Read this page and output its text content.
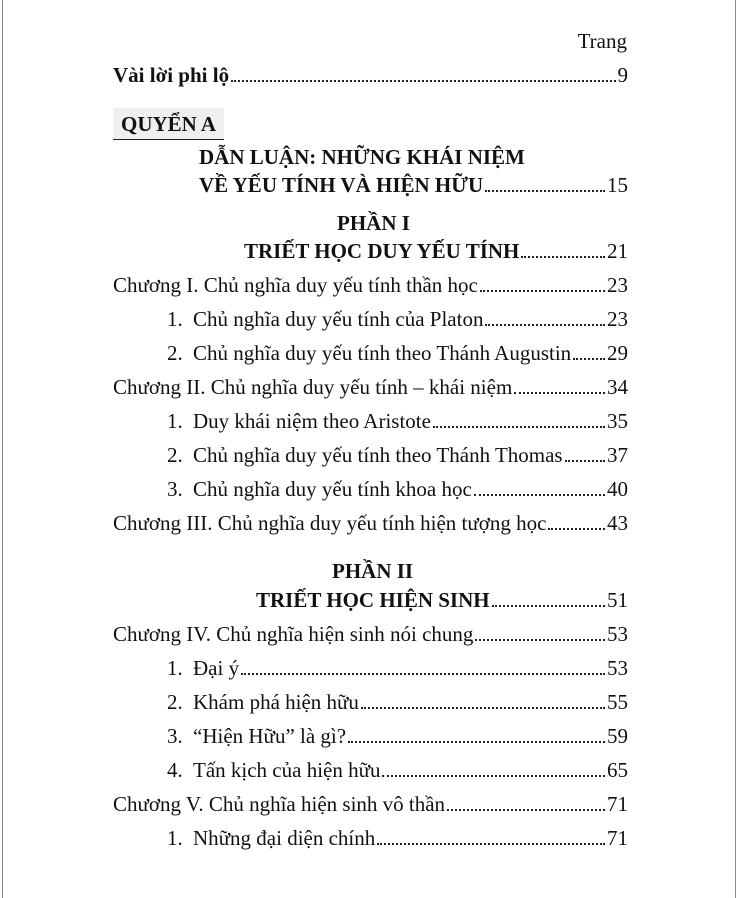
Trang
Vài lời phi lộ	9
QUYỂN A
DẪN LUẬN: NHỮNG KHÁI NIỆM
VỀ YẾU TÍNH VÀ HIỆN HỮU	15
PHẦN I
TRIẾT HỌC DUY YẾU TÍNH	21
Chương I. Chủ nghĩa duy yếu tính thần học	23
1. Chủ nghĩa duy yếu tính của Platon	23
2. Chủ nghĩa duy yếu tính theo Thánh Augustin 29
Chương II. Chủ nghĩa duy yếu tính – khái niệm	34
1. Duy khái niệm theo Aristote	35
2. Chủ nghĩa duy yếu tính theo Thánh Thomas 37
3. Chủ nghĩa duy yếu tính khoa học	40
Chương III. Chủ nghĩa duy yếu tính hiện tượng học	43
PHẦN II
TRIẾT HỌC HIỆN SINH	51
Chương IV. Chủ nghĩa hiện sinh nói chung	53
1. Đại ý	53
2. Khám phá hiện hữu	55
3. “Hiện Hữu” là gì?	59
4. Tấn kịch của hiện hữu	65
Chương V. Chủ nghĩa hiện sinh vô thần	71
1. Những đại diện chính	71
